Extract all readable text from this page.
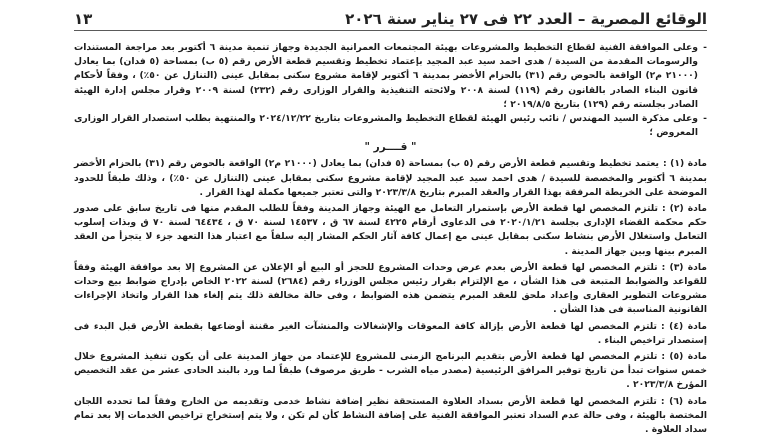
الوقائع المصرية – العدد ٢٢ فى ٢٧ يناير سنة ٢٠٢٦
١٣

-
وعلى الموافقة الفنية لقطاع التخطيط والمشروعات بهيئة المجتمعات العمرانية الجديدة وجهاز تنمية مدينة ٦ أكتوبر بعد مراجعة المستندات والرسومات المقدمة من السيدة / هدى احمد سيد عبد المجيد بإعتماد تخطيط وتقسيم قطعة الأرض رقم (٥ ب) بمساحة (٥ فدان) بما يعادل (٢١٠٠٠ م٢) الواقعة بالحوض رقم (٣١) بالحزام الأخضر بمدينة ٦ أكتوبر لإقامة مشروع سكنى بمقابل عينى (التنازل عن ٥٠٪) ، وفقاً لأحكام قانون البناء الصادر بالقانون رقم (١١٩) لسنة ٢٠٠٨ ولائحته التنفيذية والقرار الوزارى رقم (٢٣٢) لسنة ٢٠٠٩ وقرار مجلس إدارة الهيئة الصادر بجلسته رقم (١٢٩) بتاريخ ٢٠١٩/٨/٥ ؛

-
وعلى مذكرة السيد المهندس / نائب رئيس الهيئة لقطاع التخطيط والمشروعات بتاريخ ٢٠٢٤/١٢/٢٢ والمنتهية بطلب استصدار القرار الوزارى المعروض ؛

" قــــرر "

مادة (١) :يعتمد تخطيط وتقسيم قطعة الأرض رقم (٥ ب) بمساحة (٥ فدان) بما يعادل (٢١٠٠٠ م٢) الواقعة بالحوض رقم (٣١) بالحزام الأخضر بمدينة ٦ أكتوبر والمخصصة للسيدة / هدى احمد سيد عبد المجيد لإقامة مشروع سكنى بمقابل عينى (التنازل عن ٥٠٪) ، وذلك طبقاً للحدود الموضحة على الخريطة المرفقة بهذا القرار والعقد المبرم بتاريخ ٢٠٢٣/٣/٨ والتى تعتبر جميعها مكملة لهذا القرار .

مادة (٢) :تلتزم المخصص لها قطعة الأرض بإستمرار التعامل مع الهيئة وجهاز المدينة وفقاً للطلب المقدم منها فى تاريخ سابق على صدور حكم محكمة القضاء الإدارى بجلسة ٢٠٢٠/١/٢١ فى الدعاوى أرقام ٤٢٢٥ لسنة ٦٧ ق ، ١٤٥٣٧ لسنة ٧٠ ق ، ٦٤٤٣٤ لسنة ٧٠ ق وبذات إسلوب التعامل واستغلال الأرض بنشاط سكنى بمقابل عينى مع إعمال كافة آثار الحكم المشار إليه سلفاً مع اعتبار هذا التعهد جزء لا يتجزأ من العقد المبرم بينها وبين جهاز المدينة .

مادة (٣) :تلتزم المخصص لها قطعة الأرض بعدم عرض وحدات المشروع للحجز أو البيع أو الإعلان عن المشروع إلا بعد موافقة الهيئة وفقاً للقواعد والضوابط المتبعة فى هذا الشأن ، مع الإلتزام بقرار رئيس مجلس الوزراء رقم (٢٦٨٤) لسنة ٢٠٢٢ الخاص بإدراج ضوابط بيع وحدات مشروعات التطوير العقارى وإعداد ملحق للعقد المبرم يتضمن هذه الضوابط ، وفى حالة مخالفة ذلك يتم إلغاء هذا القرار واتخاذ الإجراءات القانونية المناسبة فى هذا الشأن .

مادة (٤) :تلتزم المخصص لها قطعة الأرض بإزالة كافة المعوقات والإشغالات والمنشآت الغير مقننة أوضاعها بقطعة الأرض قبل البدء فى إستصدار تراخيص البناء .

مادة (٥) :تلتزم المخصص لها قطعة الأرض بتقديم البرنامج الزمنى للمشروع للإعتماد من جهاز المدينة على أن يكون تنفيذ المشروع خلال خمس سنوات تبدأ من تاريخ توفير المرافق الرئيسية (مصدر مياه الشرب - طريق مرصوف) طبقاً لما ورد بالبند الحادى عشر من عقد التخصيص المؤرخ ٢٠٢٣/٣/٨ .

مادة (٦) :تلتزم المخصص لها قطعة الأرض بسداد العلاوة المستحقة نظير إضافة نشاط خدمى وتقديمه من الخارج وفقاً لما تحدده اللجان المختصة بالهيئة ، وفى حالة عدم السداد تعتبر الموافقة الفنية على إضافة النشاط كأن لم تكن ، ولا يتم إستخراج تراخيص الخدمات إلا بعد تمام سداد العلاوة .
